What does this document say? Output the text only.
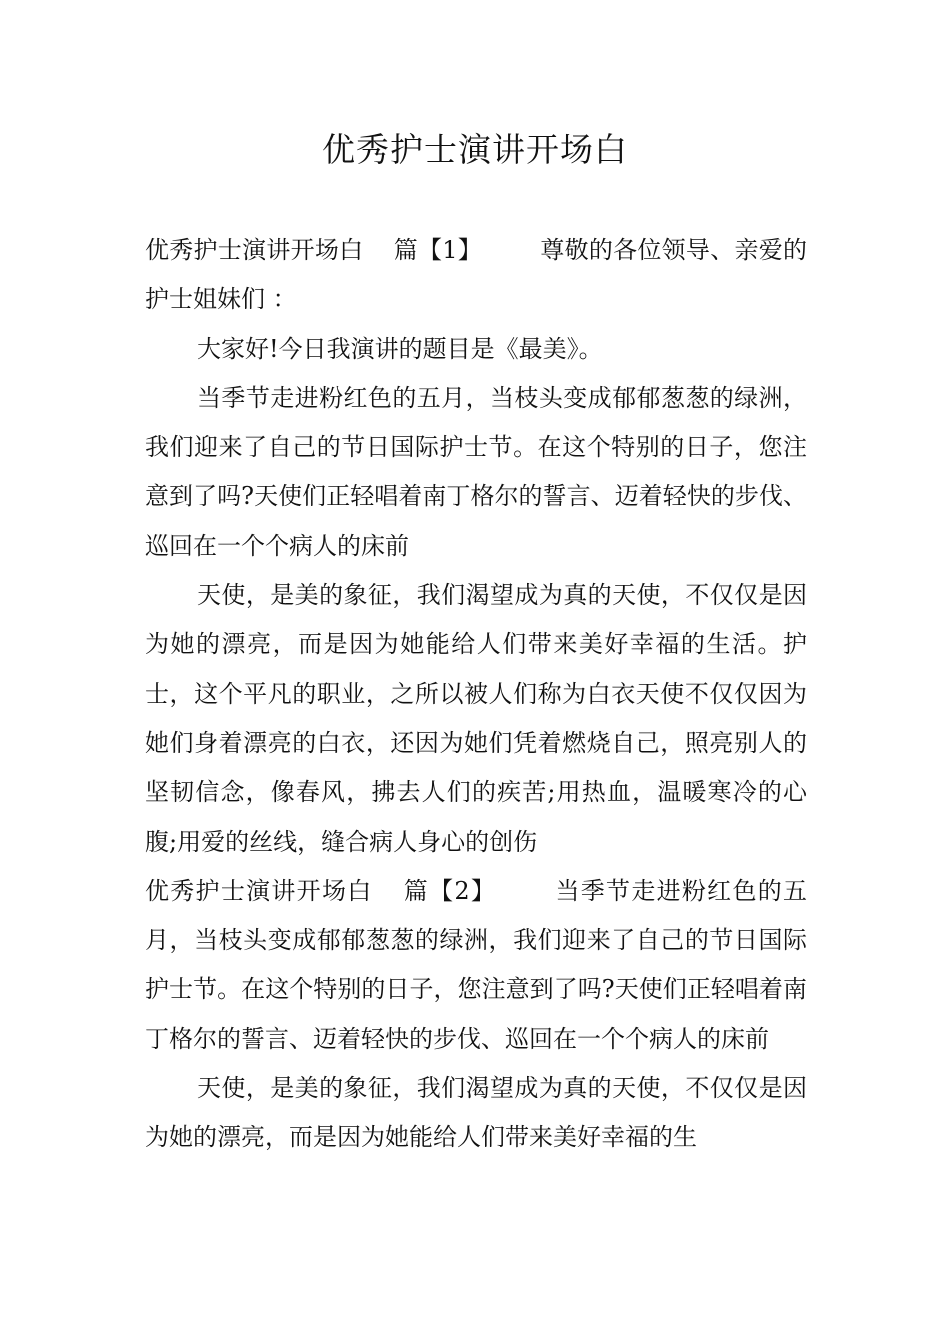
优秀护士演讲开场白

优秀护士演讲开场白 篇【1】 尊敬的各位领导、亲爱的护士姐妹们 ：

大家好!今日我演讲的题目是《最美》。

当季节走进粉红色的五月，当枝头变成郁郁葱葱的绿洲，我们迎来了自己的节日国际护士节。在这个特别的日子，您注意到了吗?天使们正轻唱着南丁格尔的誓言、迈着轻快的步伐、巡回在一个个病人的床前

天使，是美的象征，我们渴望成为真的天使，不仅仅是因为她的漂亮，而是因为她能给人们带来美好幸福的生活。护士，这个平凡的职业，之所以被人们称为白衣天使不仅仅因为她们身着漂亮的白衣，还因为她们凭着燃烧自己，照亮别人的坚韧信念，像春风，拂去人们的疾苦;用热血，温暖寒冷的心腹;用爱的丝线，缝合病人身心的创伤

优秀护士演讲开场白 篇【2】 当季节走进粉红色的五月，当枝头变成郁郁葱葱的绿洲，我们迎来了自己的节日国际护士节。在这个特别的日子，您注意到了吗?天使们正轻唱着南丁格尔的誓言、迈着轻快的步伐、巡回在一个个病人的床前

天使，是美的象征，我们渴望成为真的天使，不仅仅是因为她的漂亮，而是因为她能给人们带来美好幸福的生
